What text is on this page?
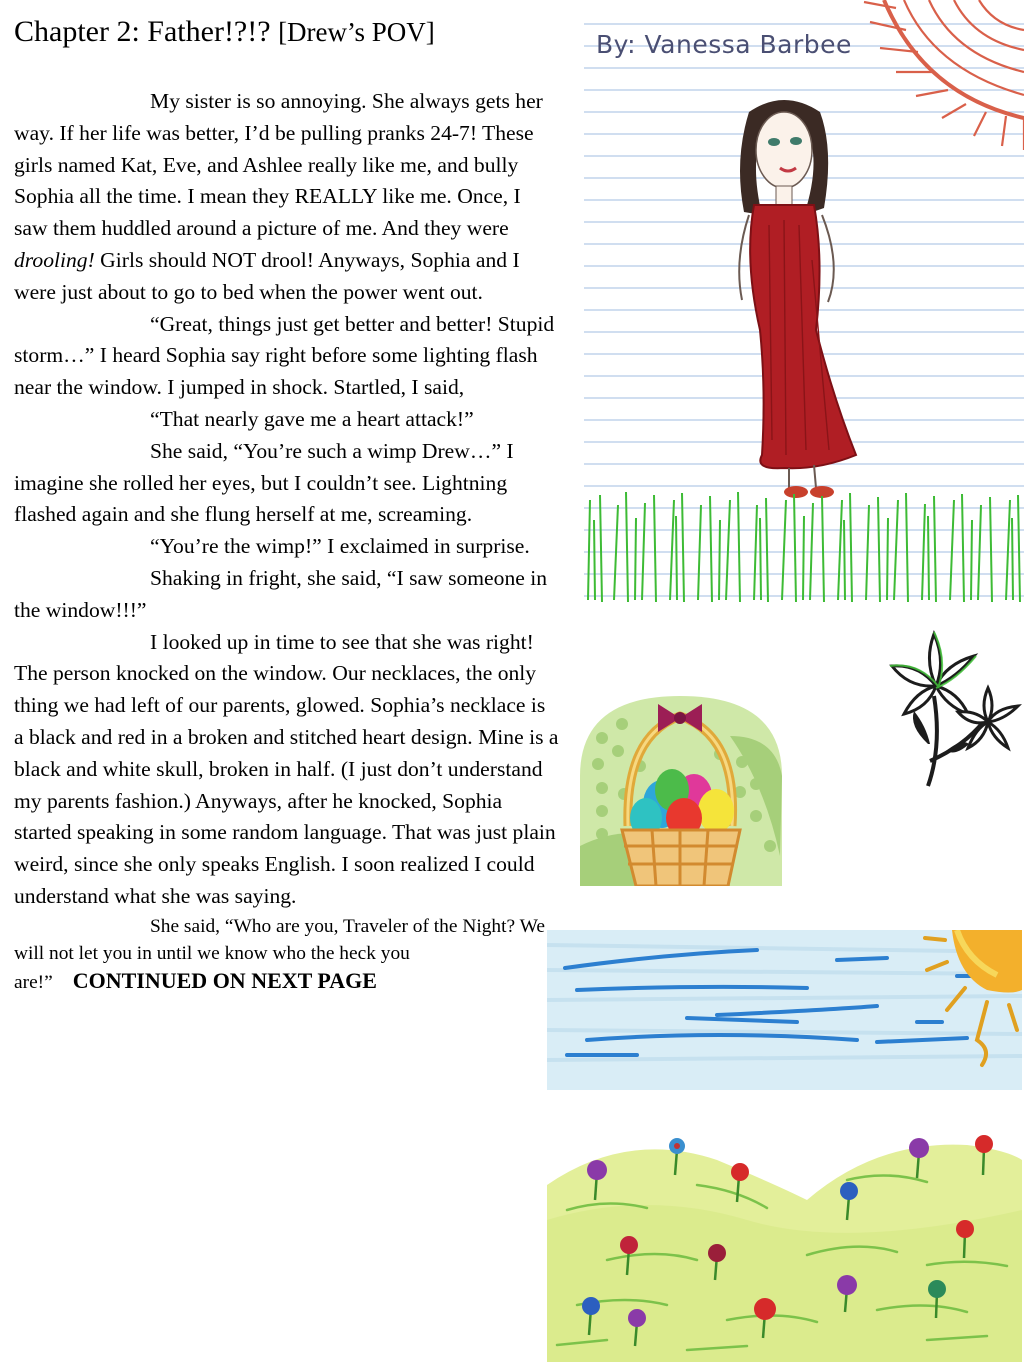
Chapter 2: Father!?!? [Drew’s POV]

My sister is so annoying. She always gets her way. If her life was better, I’d be pulling pranks 24-7! These girls named Kat, Eve, and Ashlee really like me, and bully Sophia all the time. I mean they REALLY like me. Once, I saw them huddled around a picture of me. And they were drooling! Girls should NOT drool! Anyways, Sophia and I were just about to go to bed when the power went out.

“Great, things just get better and better! Stupid storm…” I heard Sophia say right before some lighting flash near the window. I jumped in shock. Startled, I said,

“That nearly gave me a heart attack!”

She said, “You’re such a wimp Drew…” I imagine she rolled her eyes, but I couldn’t see. Lightning flashed again and she flung herself at me, screaming.

“You’re the wimp!” I exclaimed in surprise.

Shaking in fright, she said, “I saw someone in the window!!!”

I looked up in time to see that she was right! The person knocked on the window. Our necklaces, the only thing we had left of our parents, glowed. Sophia’s necklace is a black and red in a broken and stitched heart design. Mine is a black and white skull, broken in half. (I just don’t understand my parents fashion.) Anyways, after he knocked, Sophia started speaking in some random language. That was just plain weird, since she only speaks English. I soon realized I could understand what she was saying.

She said, “Who are you, Traveler of the Night? We will not let you in until we know who the heck you are!” CONTINUED ON NEXT PAGE

By: Vanessa Barbee
